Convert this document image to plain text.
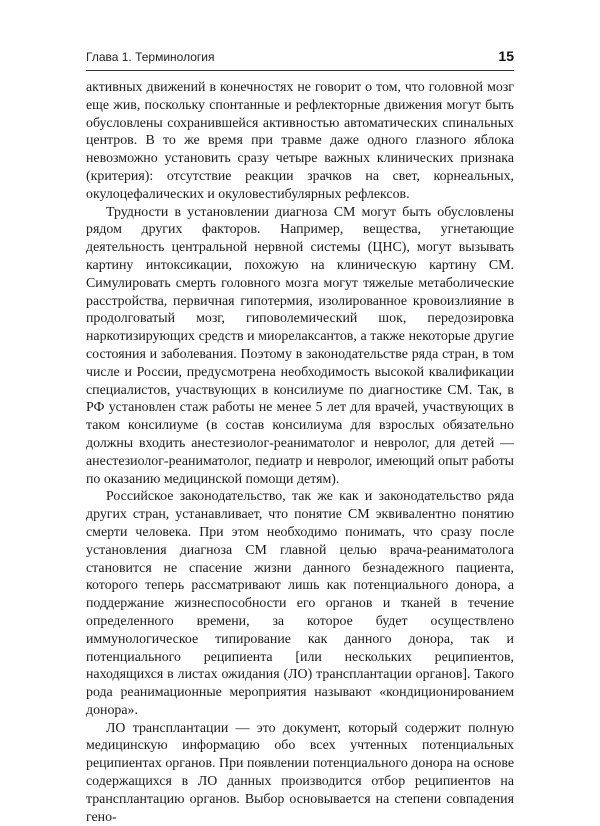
Глава 1. Терминология	15

активных движений в конечностях не говорит о том, что головной мозг еще жив, поскольку спонтанные и рефлекторные движения могут быть обусловлены сохранившейся активностью автоматических спинальных центров. В то же время при травме даже одного глазного яблока невозможно установить сразу четыре важных клинических признака (критерия): отсутствие реакции зрачков на свет, корнеальных, окулоцефалических и окуловестибулярных рефлексов.

Трудности в установлении диагноза СМ могут быть обусловлены рядом других факторов. Например, вещества, угнетающие деятельность центральной нервной системы (ЦНС), могут вызывать картину интоксикации, похожую на клиническую картину СМ. Симулировать смерть головного мозга могут тяжелые метаболические расстройства, первичная гипотермия, изолированное кровоизлияние в продолговатый мозг, гиповолемический шок, передозировка наркотизирующих средств и миорелаксантов, а также некоторые другие состояния и заболевания. Поэтому в законодательстве ряда стран, в том числе и России, предусмотрена необходимость высокой квалификации специалистов, участвующих в консилиуме по диагностике СМ. Так, в РФ установлен стаж работы не менее 5 лет для врачей, участвующих в таком консилиуме (в состав консилиума для взрослых обязательно должны входить анестезиолог-реаниматолог и невролог, для детей — анестезиолог-реаниматолог, педиатр и невролог, имеющий опыт работы по оказанию медицинской помощи детям).

Российское законодательство, так же как и законодательство ряда других стран, устанавливает, что понятие СМ эквивалентно понятию смерти человека. При этом необходимо понимать, что сразу после установления диагноза СМ главной целью врача-реаниматолога становится не спасение жизни данного безнадежного пациента, которого теперь рассматривают лишь как потенциального донора, а поддержание жизнеспособности его органов и тканей в течение определенного времени, за которое будет осуществлено иммунологическое типирование как данного донора, так и потенциального реципиента [или нескольких реципиентов, находящихся в листах ожидания (ЛО) трансплантации органов]. Такого рода реанимационные мероприятия называют «кондиционированием донора».

ЛО трансплантации — это документ, который содержит полную медицинскую информацию обо всех учтенных потенциальных реципиентах органов. При появлении потенциального донора на основе содержащихся в ЛО данных производится отбор реципиентов на трансплантацию органов. Выбор основывается на степени совпадения гено-
